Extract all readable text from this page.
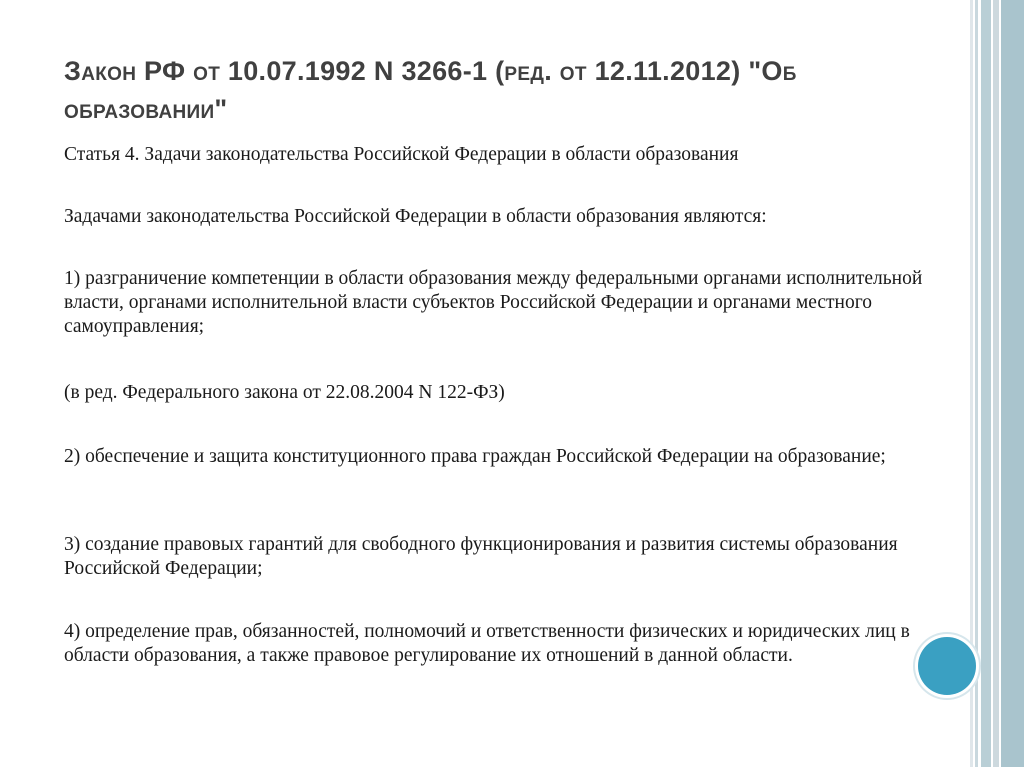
Закон РФ от 10.07.1992 N 3266-1 (ред. от 12.11.2012) "Об образовании"

Статья 4. Задачи законодательства Российской Федерации в области образования

Задачами законодательства Российской Федерации в области образования являются:

1) разграничение компетенции в области образования между федеральными органами исполнительной власти, органами исполнительной власти субъектов Российской Федерации и органами местного самоуправления;

(в ред. Федерального закона от 22.08.2004 N 122-ФЗ)

2) обеспечение и защита конституционного права граждан Российской Федерации на образование;

3) создание правовых гарантий для свободного функционирования и развития системы образования Российской Федерации;

4) определение прав, обязанностей, полномочий и ответственности физических и юридических лиц в области образования, а также правовое регулирование их отношений в данной области.
